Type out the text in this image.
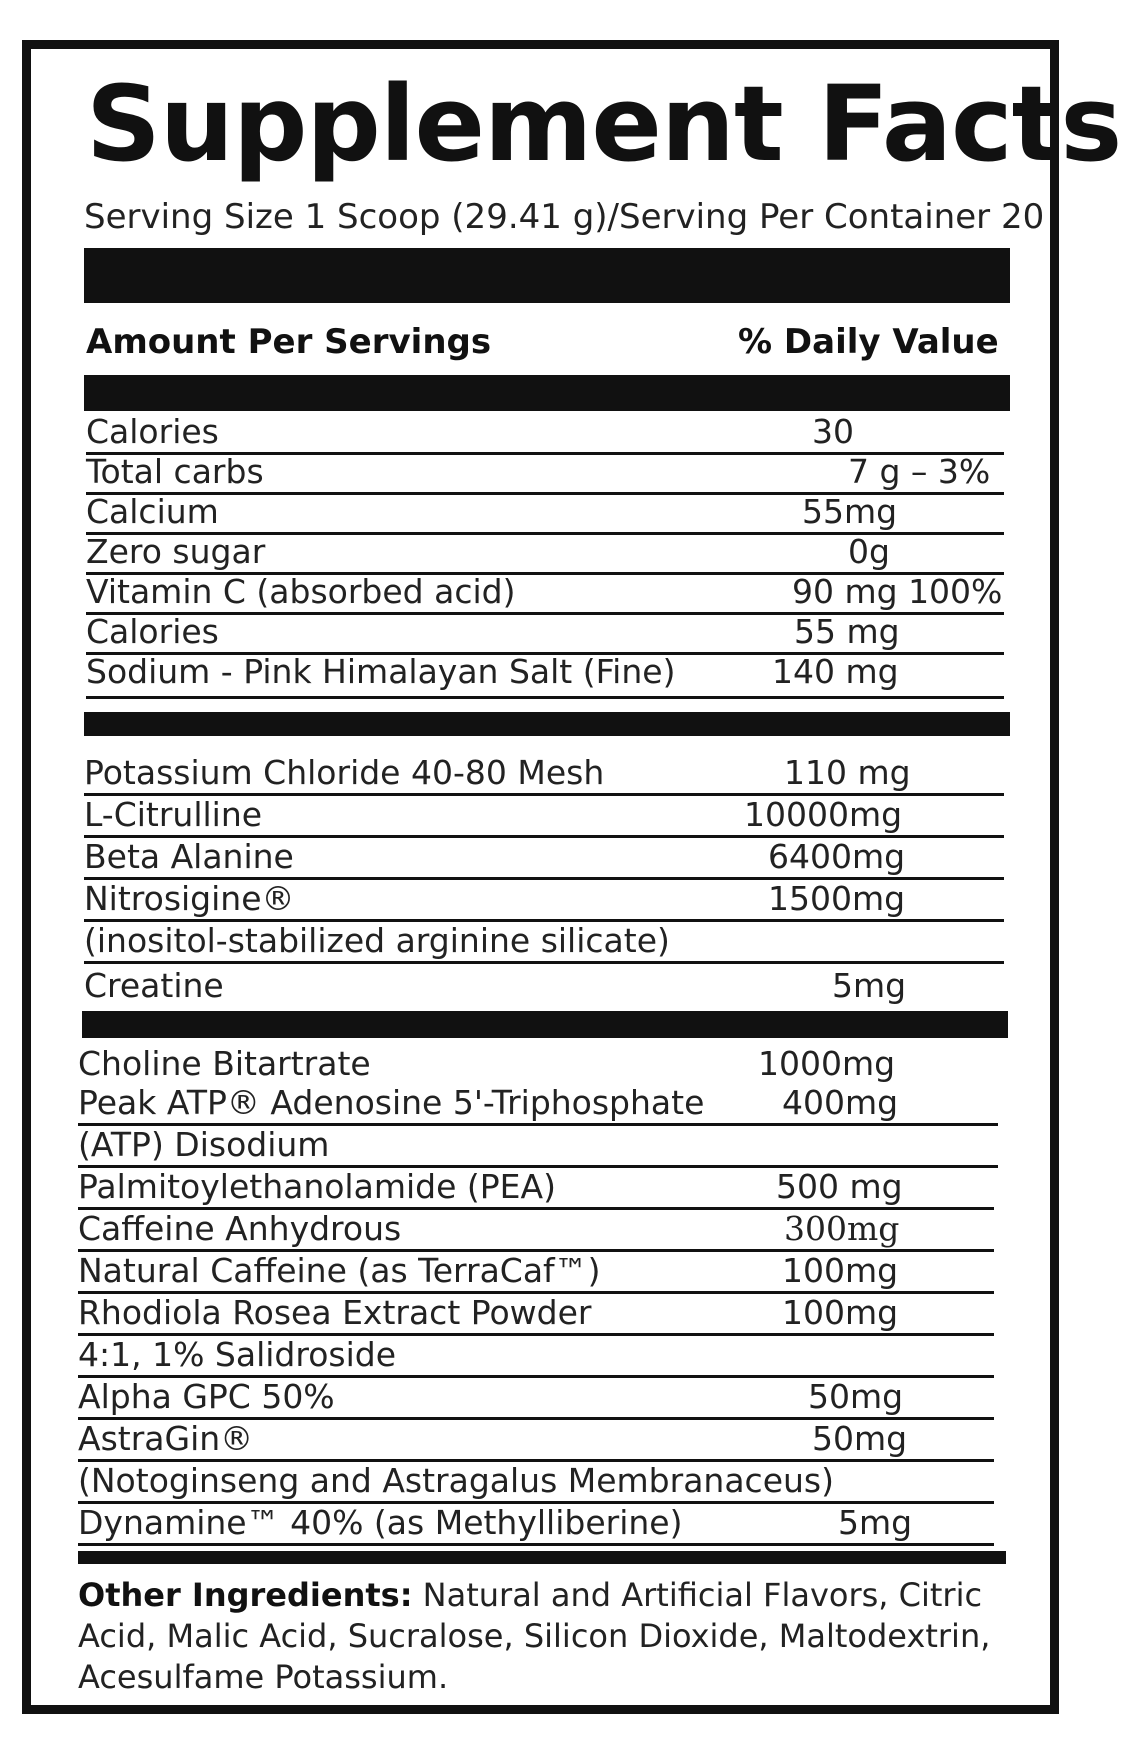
Supplement Facts
Serving Size 1 Scoop (29.41 g)/Serving Per Container 20
Amount Per Servings	% Daily Value
Calories	30
Total carbs	7 g – 3%
Calcium	55mg
Zero sugar	0g
Vitamin C (absorbed acid)	90 mg 100%
Calories	55 mg
Sodium - Pink Himalayan Salt (Fine)	140 mg
Potassium Chloride 40-80 Mesh	110 mg
L-Citrulline	10000mg
Beta Alanine	6400mg
Nitrosigine®	1500mg
(inositol-stabilized arginine silicate)
Creatine	5mg
Choline Bitartrate	1000mg
Peak ATP® Adenosine 5'-Triphosphate 400mg
(ATP) Disodium
Palmitoylethanolamide (PEA)	500 mg
Caffeine Anhydrous	300mg
Natural Caffeine (as TerraCaf™)	100mg
Rhodiola Rosea Extract Powder	100mg
4:1, 1% Salidroside
Alpha GPC 50%	50mg
AstraGin®	50mg
(Notoginseng and Astragalus Membranaceus)
Dynamine™ 40% (as Methylliberine)	5mg
Other Ingredients: Natural and Artificial Flavors, Citric Acid, Malic Acid, Sucralose, Silicon Dioxide, Maltodextrin, Acesulfame Potassium.
